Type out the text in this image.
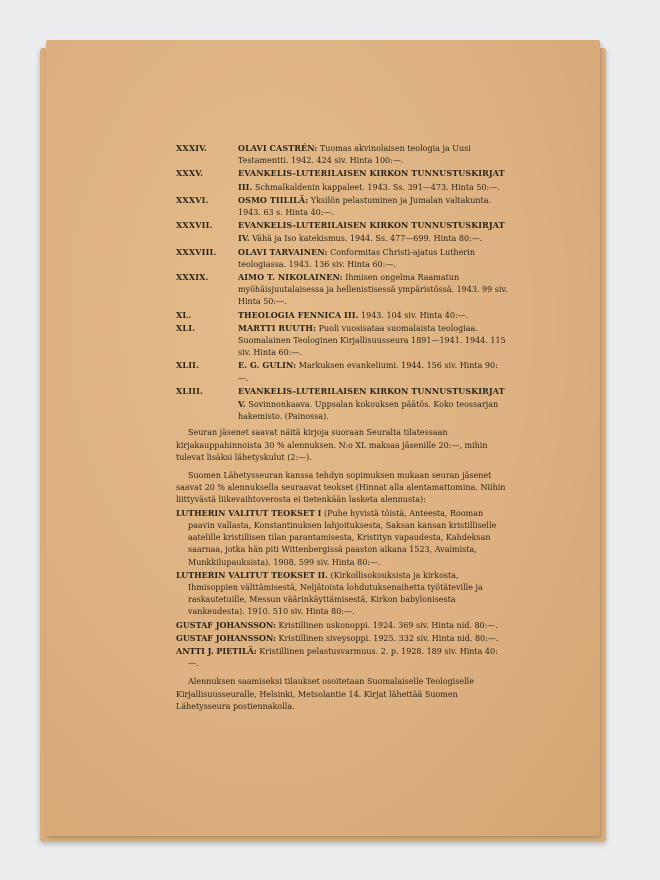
XXXIV.	OLAVI CASTRÉN: Tuomas akvinolaisen teologia ja Uusi Testamentti. 1942. 424 siv. Hinta 100:—.
XXXV.	EVANKELIS-LUTERILAISEN KIRKON TUNNUSTUSKIRJAT III. Schmalkaldenin kappaleet. 1943. Ss. 391—473. Hinta 50:—.
XXXVI.	OSMO TIILILÄ: Yksilön pelastuminen ja Jumalan valtakunta. 1943. 63 s. Hinta 40:—.
XXXVII.	EVANKELIS-LUTERILAISEN KIRKON TUNNUSTUSKIRJAT IV. Vähä ja Iso katekismus. 1944. Ss. 477—699. Hinta 80:—.
XXXVIII.	OLAVI TARVAINEN: Conformitas Christi-ajatus Lutherin teologiassa. 1943. 136 siv. Hinta 60:—.
XXXIX.	AIMO T. NIKOLAINEN: Ihmisen ongelma Raamatun myöhäisjuutalaisessa ja hellenistisessä ympäristössä. 1943. 99 siv. Hinta 50:—.
XL.	THEOLOGIA FENNICA III. 1943. 104 siv. Hinta 40:—.
XLI.	MARTTI RUUTH: Puoli vuosisataa suomalaista teologiaa. Suomalainen Teologinen Kirjallisuusseura 1891—1941. 1944. 115 siv. Hinta 60:—.
XLII.	E. G. GULIN: Markuksen evankeliumi. 1944. 156 siv. Hinta 90:—.
XLIII.	EVANKELIS-LUTERILAISEN KIRKON TUNNUSTUSKIRJAT V. Sovinnonkaava. Uppsalan kokouksen päätös. Koko teossarjan hakemisto. (Painossa).
Seuran jäsenet saavat näitä kirjoja suoraan Seuralta tilatessaan kirjakauppahinnoista 30 % alennuksen. N:o XL maksaa jäsenille 20:—, mihin tulevat lisäksi lähetyskulut (2:—).
Suomen Lähetysseuran kanssa tehdyn sopimuksen mukaan seuran jäsenet saavat 20 % alennuksella seuraavat teokset (Hinnat alla alentamattomina. Niihin liittyvästä liikevaihtoverosta ei tietenkään lasketa alennusta):
LUTHERIN VALITUT TEOKSET I (Puhe hyvistä töistä, Anteesta, Rooman paavin vallasta, Konstantinuksen lahjoituksesta, Saksan kansan kristilliselle aatelille kristillisen tilan parantamisesta, Kristityn vapaudesta, Kahdeksan saarnaa, jotka hän piti Wittenbergissä paaston aikana 1523, Avaimista, Munkkilupauksista). 1908. 599 siv. Hinta 80:—.
LUTHERIN VALITUT TEOKSET II. (Kirkollisokouksista ja kirkosta, Ihmisoppien välttämisestä, Neljätoista lohdutuksenaihetta työtäteville ja raskautetuille, Messun väärinkäyttämisestä, Kirkon babylonisesta vankeudesta). 1910. 510 siv. Hinta 80:—.
GUSTAF JOHANSSON: Kristillinen uskonoppi. 1924. 369 siv. Hinta nid. 80:—.
GUSTAF JOHANSSON: Kristillinen siveysoppi. 1925. 332 siv. Hinta nid. 80:—.
ANTTI J. PIETILÄ: Kristillinen pelastusvarmuus. 2. p. 1928. 189 siv. Hinta 40:—.
Alennuksen saamiseksi tilaukset osoitetaan Suomalaiselle Teologiselle Kirjallisuusseuralle, Helsinki, Metsolantie 14. Kirjat lähettää Suomen Lähetysseura postiennakolla.
